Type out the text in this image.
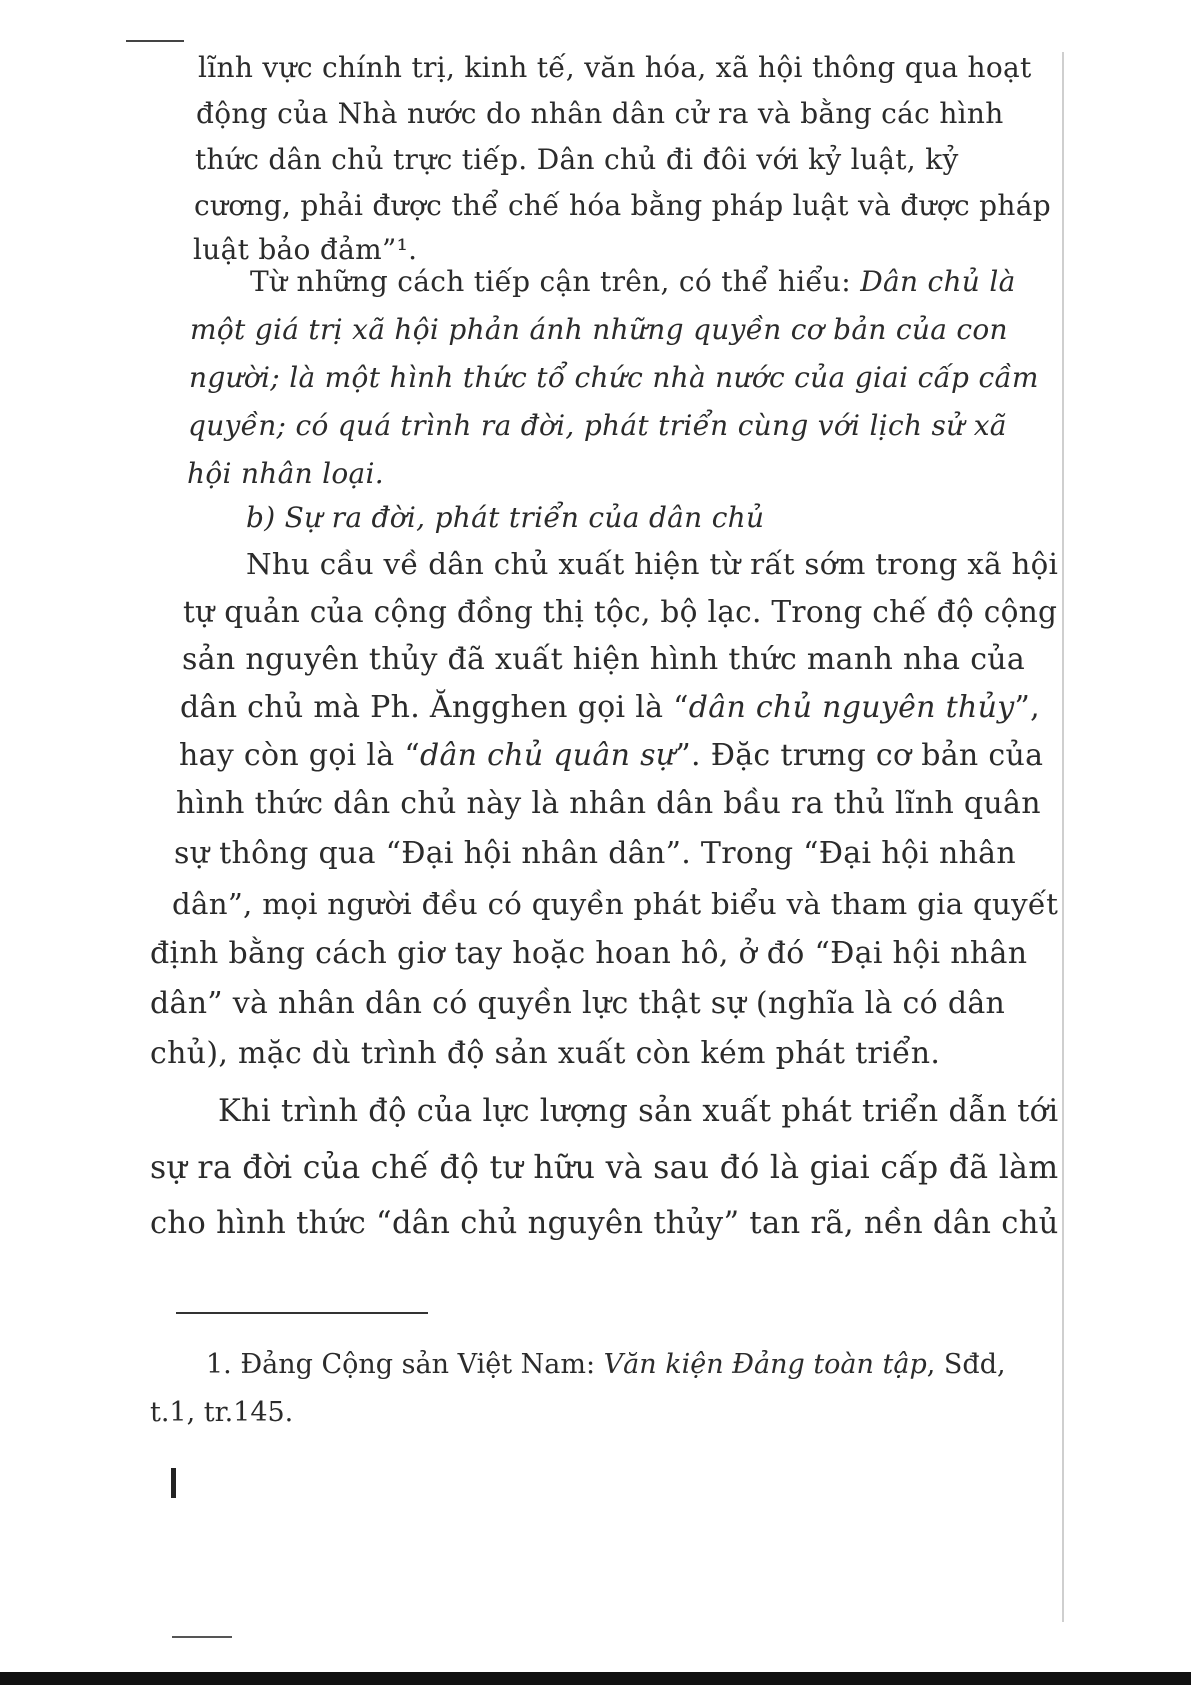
lĩnh vực chính trị, kinh tế, văn hóa, xã hội thông qua hoạt
động của Nhà nước do nhân dân cử ra và bằng các hình
thức dân chủ trực tiếp. Dân chủ đi đôi với kỷ luật, kỷ
cương, phải được thể chế hóa bằng pháp luật và được pháp
luật bảo đảm”¹.
Từ những cách tiếp cận trên, có thể hiểu: Dân chủ là
một giá trị xã hội phản ánh những quyền cơ bản của con
người; là một hình thức tổ chức nhà nước của giai cấp cầm
quyền; có quá trình ra đời, phát triển cùng với lịch sử xã
hội nhân loại.
b) Sự ra đời, phát triển của dân chủ
Nhu cầu về dân chủ xuất hiện từ rất sớm trong xã hội
tự quản của cộng đồng thị tộc, bộ lạc. Trong chế độ cộng
sản nguyên thủy đã xuất hiện hình thức manh nha của
dân chủ mà Ph. Ăngghen gọi là “dân chủ nguyên thủy”,
hay còn gọi là “dân chủ quân sự”. Đặc trưng cơ bản của
hình thức dân chủ này là nhân dân bầu ra thủ lĩnh quân
sự thông qua “Đại hội nhân dân”. Trong “Đại hội nhân
dân”, mọi người đều có quyền phát biểu và tham gia quyết
định bằng cách giơ tay hoặc hoan hô, ở đó “Đại hội nhân
dân” và nhân dân có quyền lực thật sự (nghĩa là có dân
chủ), mặc dù trình độ sản xuất còn kém phát triển.
Khi trình độ của lực lượng sản xuất phát triển dẫn tới
sự ra đời của chế độ tư hữu và sau đó là giai cấp đã làm
cho hình thức “dân chủ nguyên thủy” tan rã, nền dân chủ
1. Đảng Cộng sản Việt Nam: Văn kiện Đảng toàn tập, Sđd,
t.1, tr.145.
